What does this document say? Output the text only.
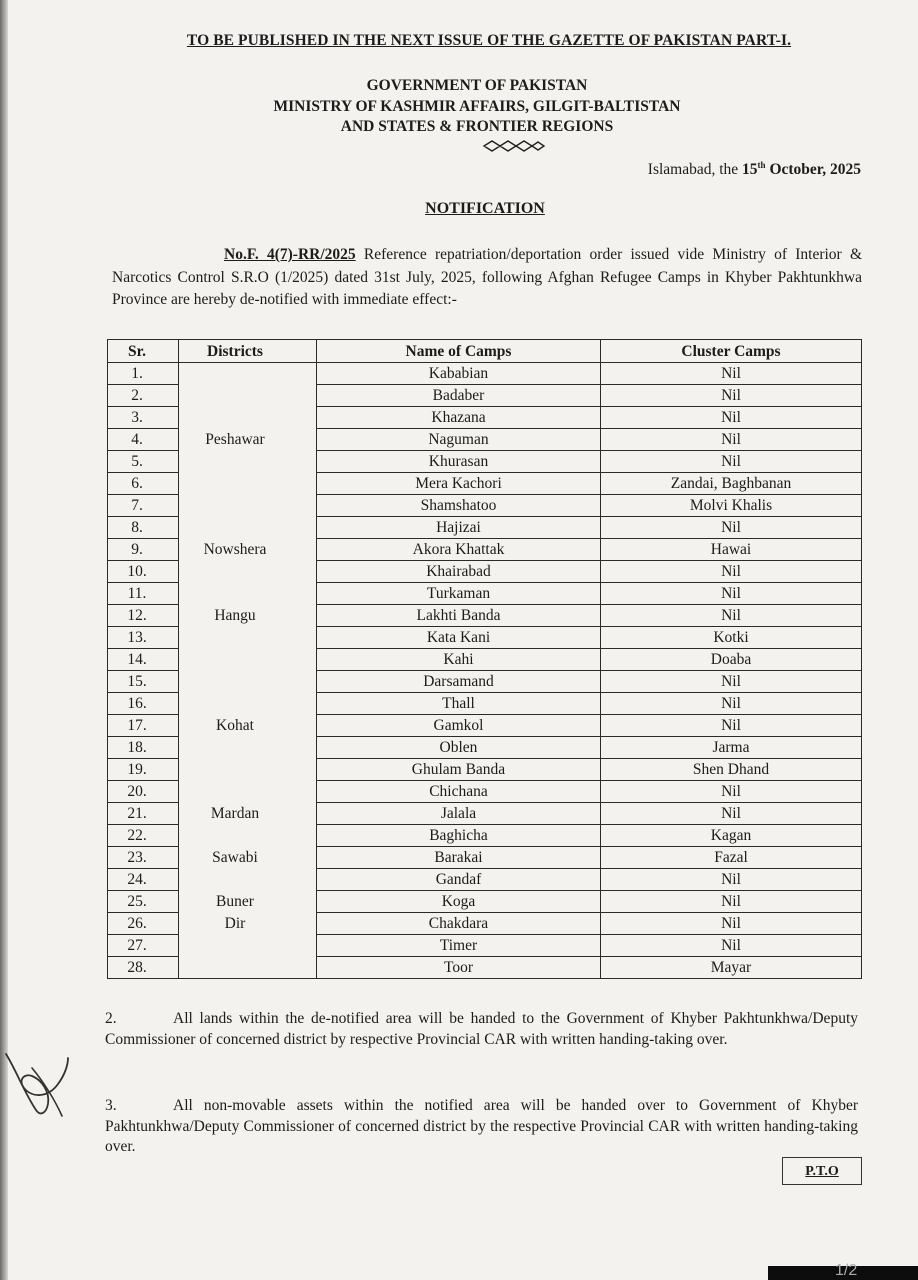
TO BE PUBLISHED IN THE NEXT ISSUE OF THE GAZETTE OF PAKISTAN PART-I.
GOVERNMENT OF PAKISTAN
MINISTRY OF KASHMIR AFFAIRS, GILGIT-BALTISTAN
AND STATES & FRONTIER REGIONS
Islamabad, the 15th October, 2025
NOTIFICATION
No.F. 4(7)-RR/2025 Reference repatriation/deportation order issued vide Ministry of Interior & Narcotics Control S.R.O (1/2025) dated 31st July, 2025, following Afghan Refugee Camps in Khyber Pakhtunkhwa Province are hereby de-notified with immediate effect:-
Sr.	Districts	Name of Camps	Cluster Camps
1.		Kababian	Nil
2.		Badaber	Nil
3.		Khazana	Nil
4.	Peshawar	Naguman	Nil
5.		Khurasan	Nil
6.		Mera Kachori	Zandai, Baghbanan
7.		Shamshatoo	Molvi Khalis
8.		Hajizai	Nil
9.	Nowshera	Akora Khattak	Hawai
10.		Khairabad	Nil
11.		Turkaman	Nil
12.	Hangu	Lakhti Banda	Nil
13.		Kata Kani	Kotki
14.		Kahi	Doaba
15.		Darsamand	Nil
16.		Thall	Nil
17.	Kohat	Gamkol	Nil
18.		Oblen	Jarma
19.		Ghulam Banda	Shen Dhand
20.		Chichana	Nil
21.	Mardan	Jalala	Nil
22.		Baghicha	Kagan
23.	Sawabi	Barakai	Fazal
24.		Gandaf	Nil
25.	Buner	Koga	Nil
26.	Dir	Chakdara	Nil
27.		Timer	Nil
28.		Toor	Mayar
2.	All lands within the de-notified area will be handed to the Government of Khyber Pakhtunkhwa/Deputy Commissioner of concerned district by respective Provincial CAR with written handing-taking over.
3.	All non-movable assets within the notified area will be handed over to Government of Khyber Pakhtunkhwa/Deputy Commissioner of concerned district by the respective Provincial CAR with written handing-taking over.
P.T.O
1/2
